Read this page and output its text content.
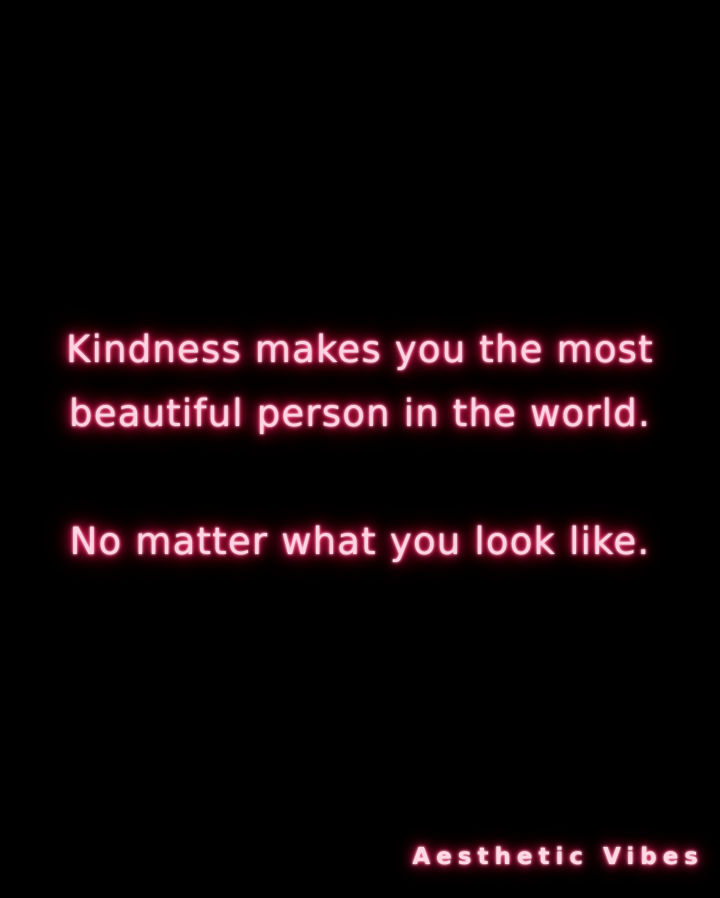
Kindness makes you the most
beautiful person in the world.
No matter what you look like.
Aesthetic Vibes
